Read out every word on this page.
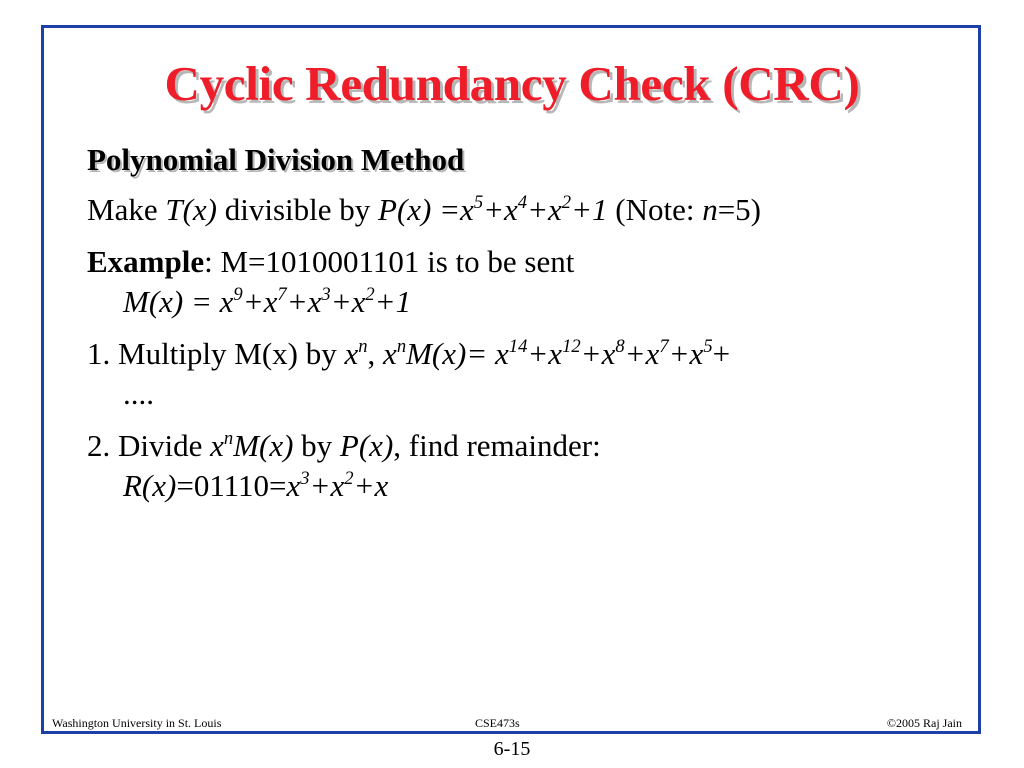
Cyclic Redundancy Check (CRC)

Polynomial Division Method

Make T(x) divisible by $P(x) =x^5+x^4+x^2+1$ (Note: n=5)

Example: M=1010001101 is to be sent
$M(x) = x^9+x^7+x^3+x^2+1$

1. Multiply M(x) by $x^n$, $x^nM(x)= x^{14}+x^{12}+x^8+x^7+x^5+$
....

2. Divide $x^nM(x)$ by P(x), find remainder:
$R(x)=01110=x^3+x^2+x$

Washington University in St. Louis	CSE473s	©2005 Raj Jain
6-15
